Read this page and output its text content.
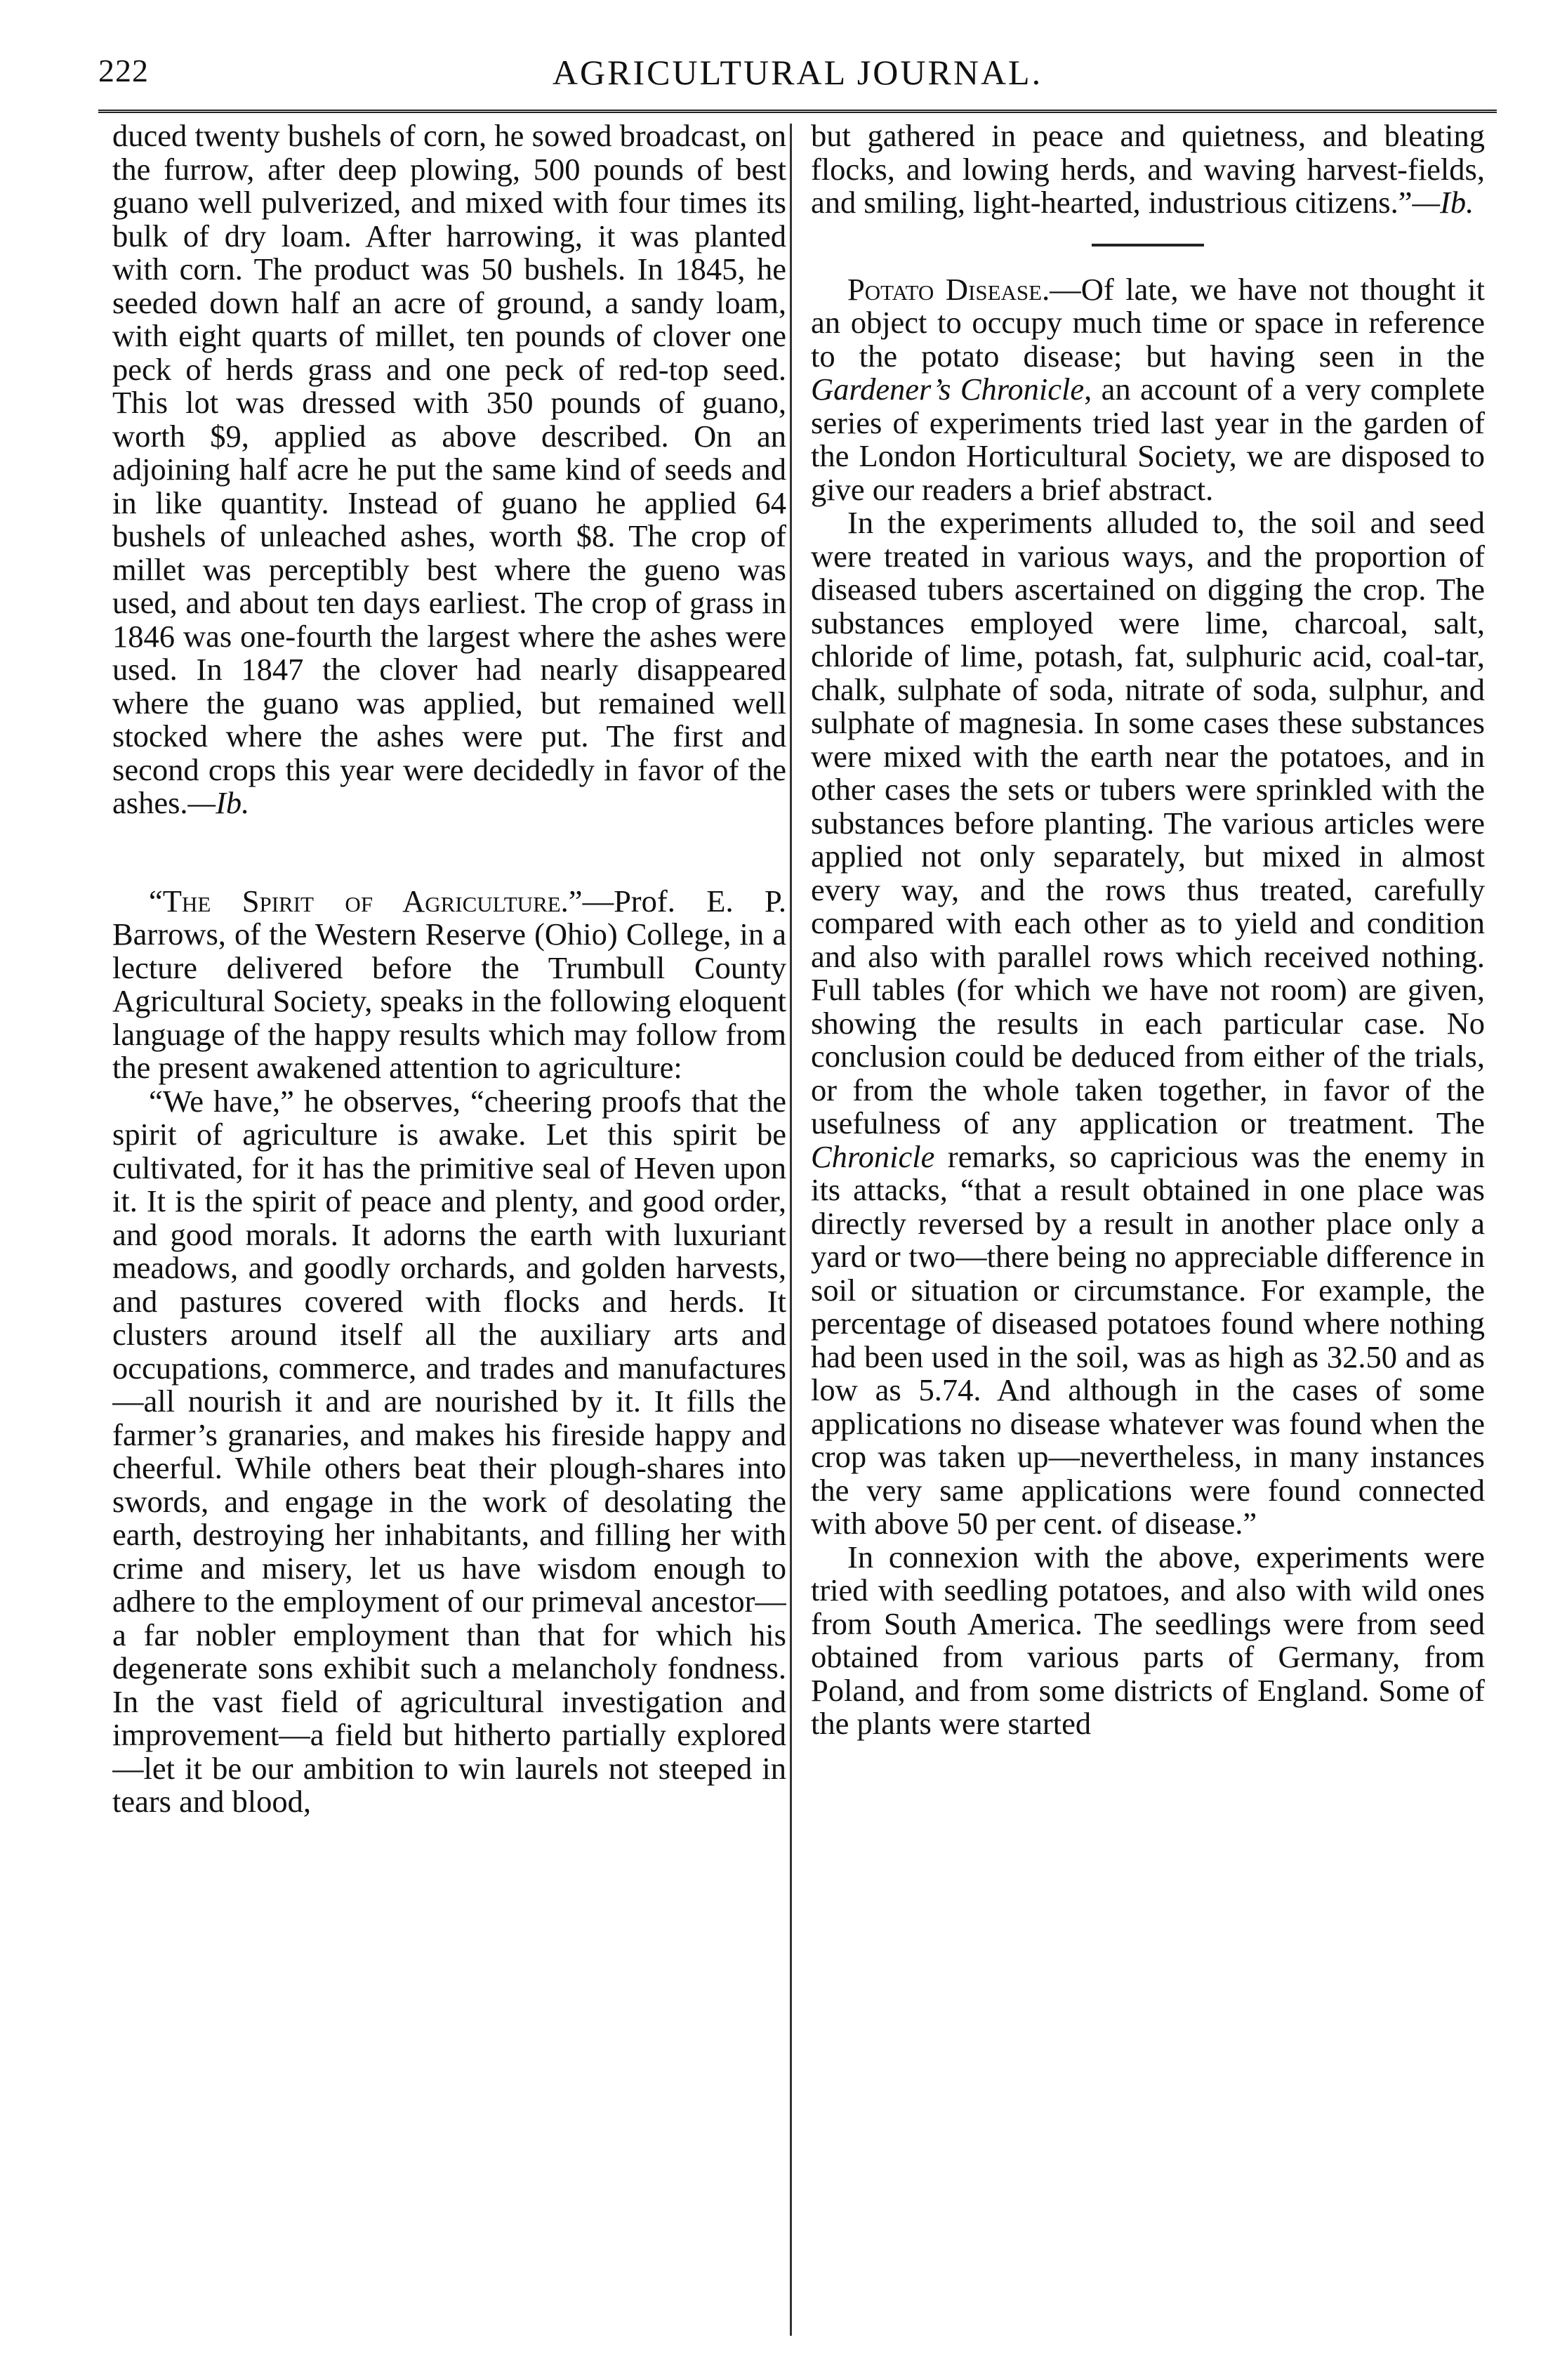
222	AGRICULTURAL JOURNAL.

duced twenty bushels of corn, he sowed broadcast, on the furrow, after deep plowing, 500 pounds of best guano well pulverized, and mixed with four times its bulk of dry loam. After harrowing, it was planted with corn. The product was 50 bushels. In 1845, he seeded down half an acre of ground, a sandy loam, with eight quarts of millet, ten pounds of clover one peck of herds grass and one peck of red-top seed. This lot was dressed with 350 pounds of guano, worth $9, applied as above described. On an adjoining half acre he put the same kind of seeds and in like quantity. Instead of guano he applied 64 bushels of unleached ashes, worth $8. The crop of millet was perceptibly best where the gueno was used, and about ten days earliest. The crop of grass in 1846 was one-fourth the largest where the ashes were used. In 1847 the clover had nearly disappeared where the guano was applied, but remained well stocked where the ashes were put. The first and second crops this year were decidedly in favor of the ashes.—Ib.

“The Spirit of Agriculture.”—Prof. E. P. Barrows, of the Western Reserve (Ohio) College, in a lecture delivered before the Trumbull County Agricultural Society, speaks in the following eloquent language of the happy results which may follow from the present awakened attention to agriculture:

“We have,” he observes, “cheering proofs that the spirit of agriculture is awake. Let this spirit be cultivated, for it has the primitive seal of Heven upon it. It is the spirit of peace and plenty, and good order, and good morals. It adorns the earth with luxuriant meadows, and goodly orchards, and golden harvests, and pastures covered with flocks and herds. It clusters around itself all the auxiliary arts and occupations, commerce, and trades and manufactures—all nourish it and are nourished by it. It fills the farmer’s granaries, and makes his fireside happy and cheerful. While others beat their plough-shares into swords, and engage in the work of desolating the earth, destroying her inhabitants, and filling her with crime and misery, let us have wisdom enough to adhere to the employment of our primeval ancestor—a far nobler employment than that for which his degenerate sons exhibit such a melancholy fondness. In the vast field of agricultural investigation and improvement—a field but hitherto partially explored—let it be our ambition to win laurels not steeped in tears and blood,

but gathered in peace and quietness, and bleating flocks, and lowing herds, and waving harvest-fields, and smiling, light-hearted, industrious citizens.”—Ib.

Potato Disease.—Of late, we have not thought it an object to occupy much time or space in reference to the potato disease; but having seen in the Gardener’s Chronicle, an account of a very complete series of experiments tried last year in the garden of the London Horticultural Society, we are disposed to give our readers a brief abstract.

In the experiments alluded to, the soil and seed were treated in various ways, and the proportion of diseased tubers ascertained on digging the crop. The substances employed were lime, charcoal, salt, chloride of lime, potash, fat, sulphuric acid, coal-tar, chalk, sulphate of soda, nitrate of soda, sulphur, and sulphate of magnesia. In some cases these substances were mixed with the earth near the potatoes, and in other cases the sets or tubers were sprinkled with the substances before planting. The various articles were applied not only separately, but mixed in almost every way, and the rows thus treated, carefully compared with each other as to yield and condition and also with parallel rows which received nothing. Full tables (for which we have not room) are given, showing the results in each particular case. No conclusion could be deduced from either of the trials, or from the whole taken together, in favor of the usefulness of any application or treatment. The Chronicle remarks, so capricious was the enemy in its attacks, “that a result obtained in one place was directly reversed by a result in another place only a yard or two—there being no appreciable difference in soil or situation or circumstance. For example, the percentage of diseased potatoes found where nothing had been used in the soil, was as high as 32.50 and as low as 5.74. And although in the cases of some applications no disease whatever was found when the crop was taken up—nevertheless, in many instances the very same applications were found connected with above 50 per cent. of disease.”

In connexion with the above, experiments were tried with seedling potatoes, and also with wild ones from South America. The seedlings were from seed obtained from various parts of Germany, from Poland, and from some districts of England. Some of the plants were started
